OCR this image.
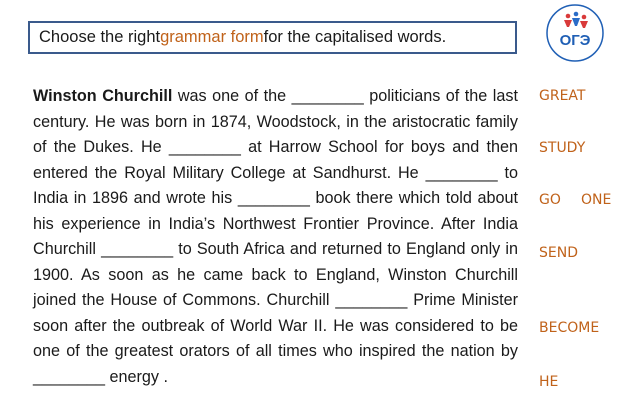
Choose the right grammar form for the capitalised words.	ОГЭ
Winston Churchill was one of the ________ politicians of the last century. He was born in 1874, Woodstock, in the aristocratic family of the Dukes. He ________ at Harrow School for boys and then entered the Royal Military College at Sandhurst. He ________ to India in 1896 and wrote his ________ book there which told about his experience in India’s Northwest Frontier Province. After India Churchill ________ to South Africa and returned to England only in 1900. As soon as he came back to England, Winston Churchill joined the House of Commons. Churchill ________ Prime Minister soon after the outbreak of World War II. He was considered to be one of the greatest orators of all times who inspired the nation by ________ energy .
GREAT
STUDY
GO ONE
SEND
BECOME
HE
